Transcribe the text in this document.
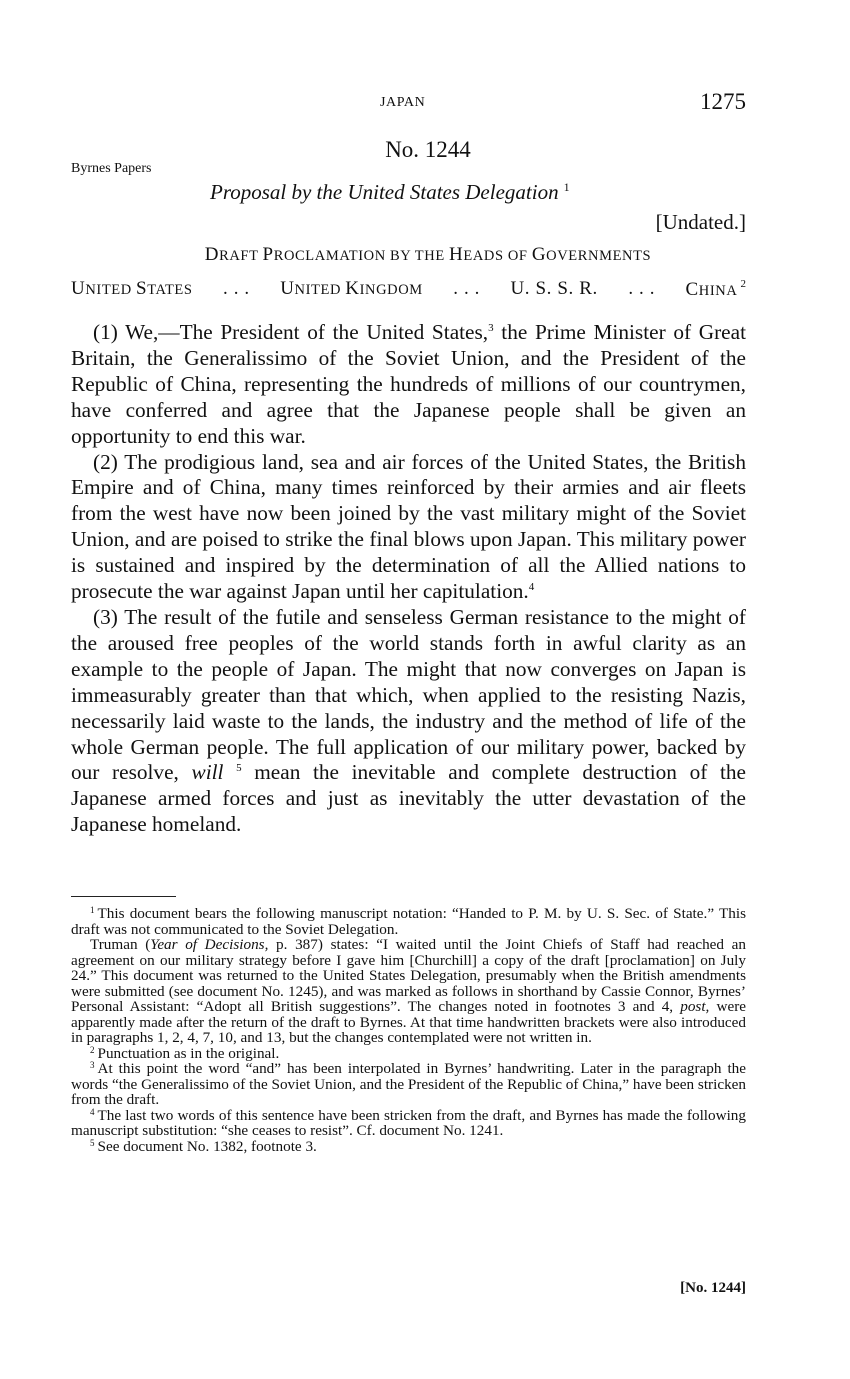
JAPAN	1275
No. 1244
Byrnes Papers
Proposal by the United States Delegation $^1$
[Undated.]
DRAFT PROCLAMATION BY THE HEADS OF GOVERNMENTS
UNITED STATES . . . UNITED KINGDOM . . . U. S. S. R. . . . CHINA $^2$

(1) We,—The President of the United States,$^3$ the Prime Minister of Great Britain, the Generalissimo of the Soviet Union, and the President of the Republic of China, representing the hundreds of millions of our countrymen, have conferred and agree that the Japanese people shall be given an opportunity to end this war.

(2) The prodigious land, sea and air forces of the United States, the British Empire and of China, many times reinforced by their armies and air fleets from the west have now been joined by the vast military might of the Soviet Union, and are poised to strike the final blows upon Japan. This military power is sustained and inspired by the determination of all the Allied nations to prosecute the war against Japan until her capitulation.$^4$

(3) The result of the futile and senseless German resistance to the might of the aroused free peoples of the world stands forth in awful clarity as an example to the people of Japan. The might that now converges on Japan is immeasurably greater than that which, when applied to the resisting Nazis, necessarily laid waste to the lands, the industry and the method of life of the whole German people. The full application of our military power, backed by our resolve, will $^5$ mean the inevitable and complete destruction of the Japanese armed forces and just as inevitably the utter devastation of the Japanese homeland.

$^1$ This document bears the following manuscript notation: “Handed to P. M. by U. S. Sec. of State.” This draft was not communicated to the Soviet Delegation.

Truman (Year of Decisions, p. 387) states: “I waited until the Joint Chiefs of Staff had reached an agreement on our military strategy before I gave him [Churchill] a copy of the draft [proclamation] on July 24.” This document was returned to the United States Delegation, presumably when the British amendments were submitted (see document No. 1245), and was marked as follows in shorthand by Cassie Connor, Byrnes’ Personal Assistant: “Adopt all British suggestions”. The changes noted in footnotes 3 and 4, post, were apparently made after the return of the draft to Byrnes. At that time handwritten brackets were also introduced in paragraphs 1, 2, 4, 7, 10, and 13, but the changes contemplated were not written in.

$^2$ Punctuation as in the original.

$^3$ At this point the word “and” has been interpolated in Byrnes’ handwriting. Later in the paragraph the words “the Generalissimo of the Soviet Union, and the President of the Republic of China,” have been stricken from the draft.

$^4$ The last two words of this sentence have been stricken from the draft, and Byrnes has made the following manuscript substitution: “she ceases to resist”. Cf. document No. 1241.

$^5$ See document No. 1382, footnote 3.

[No. 1244]
